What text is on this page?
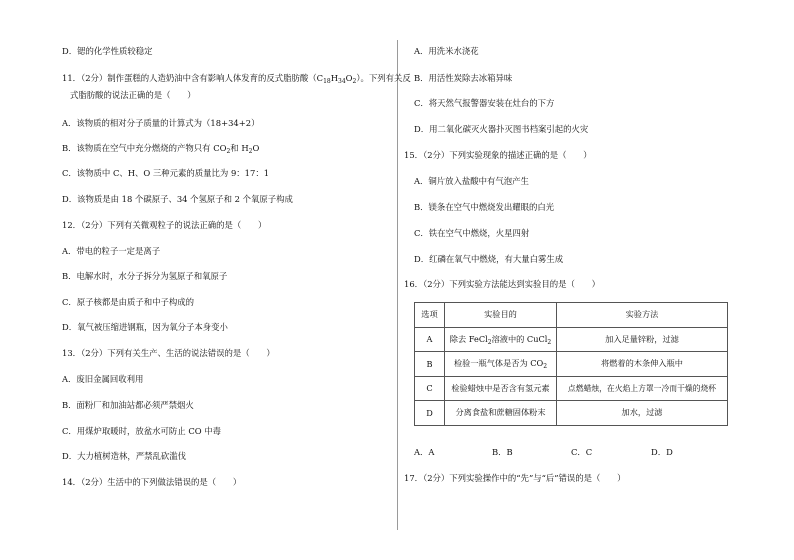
D．锶的化学性质较稳定
11．（2分）制作蛋糕的人造奶油中含有影响人体发育的反式脂肪酸$(C_{18}H_{34}O_2)$。下列有关反
式脂肪酸的说法正确的是（　　）
A．该物质的相对分子质量的计算式为（18+34+2）
B．该物质在空气中充分燃烧的产物只有 $CO_2$和 $H_2O$
C．该物质中 C、H、O 三种元素的质量比为 9：17：1
D．该物质是由 18 个碳原子、34 个氢原子和 2 个氧原子构成
12．（2分）下列有关微观粒子的说法正确的是（　　）
A．带电的粒子一定是离子
B．电解水时，水分子拆分为氢原子和氧原子
C．原子核都是由质子和中子构成的
D．氧气被压缩进钢瓶，因为氧分子本身变小
13．（2分）下列有关生产、生活的说法错误的是（　　）
A．废旧金属回收利用
B．面粉厂和加油站都必须严禁烟火
C．用煤炉取暖时，放盆水可防止 CO 中毒
D．大力植树造林，严禁乱砍滥伐
14．（2分）生活中的下列做法错误的是（　　）
A．用洗米水浇花
B．用活性炭除去冰箱异味
C．将天然气报警器安装在灶台的下方
D．用二氧化碳灭火器扑灭图书档案引起的火灾
15．（2分）下列实验现象的描述正确的是（　　）
A．铜片放入盐酸中有气泡产生
B．镁条在空气中燃烧发出耀眼的白光
C．铁在空气中燃烧，火星四射
D．红磷在氧气中燃烧，有大量白雾生成
16．（2分）下列实验方法能达到实验目的是（　　）
选项	实验目的	实验方法
A	除去 FeCl$_2$溶液中的 CuCl$_2$	加入足量锌粉，过滤
B	检验一瓶气体是否为 $CO_2$	将燃着的木条伸入瓶中
C	检验蜡烛中是否含有氢元素	点燃蜡烛，在火焰上方罩一冷而干燥的烧杯
D	分离食盐和蔗糖固体粉末	加水，过滤
A．A	B．B	C．C	D．D
17．（2分）下列实验操作中的“先”与“后”错误的是（　　）
